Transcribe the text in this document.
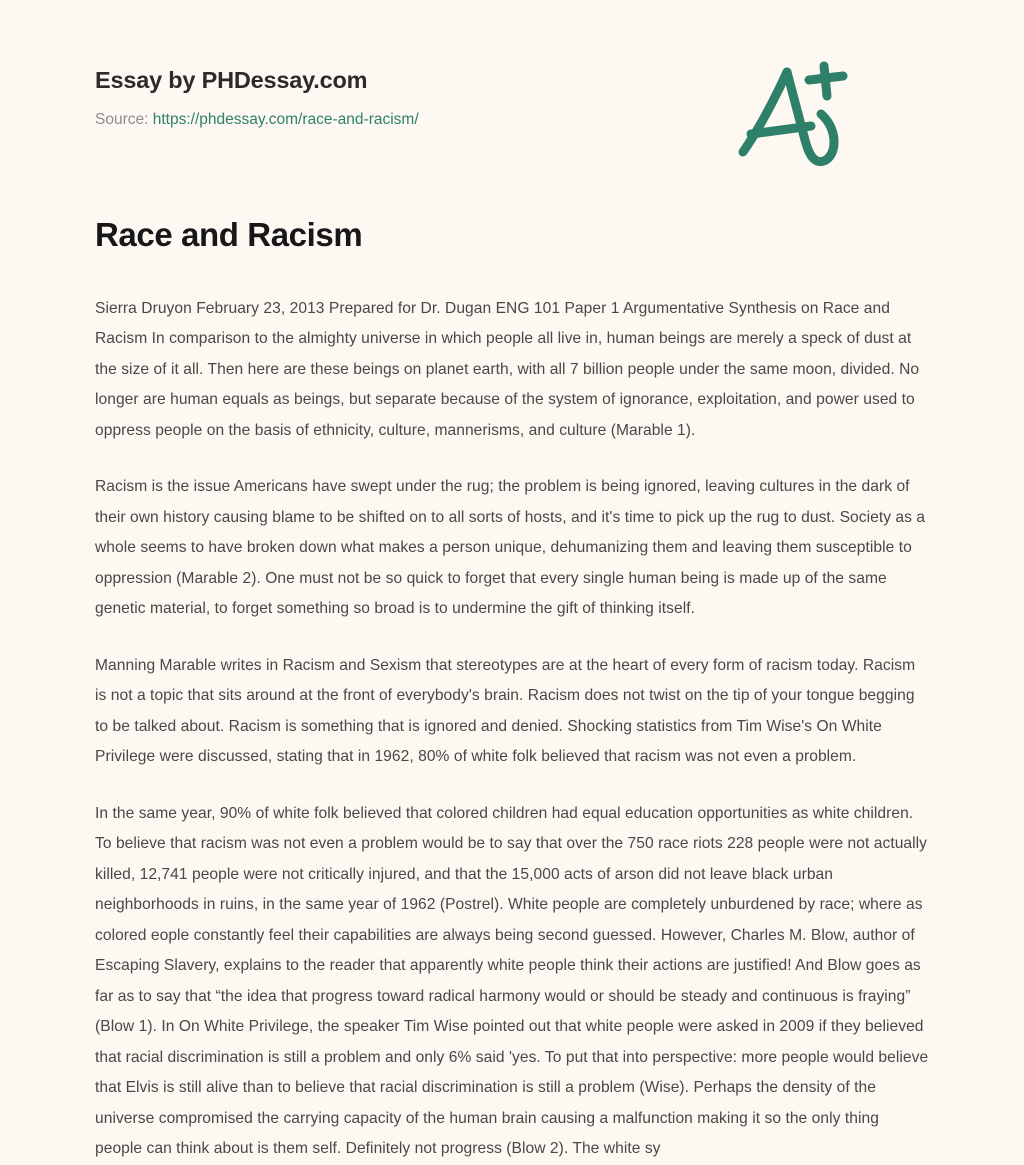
Essay by PHDessay.com
Source: https://phdessay.com/race-and-racism/
Race and Racism

Sierra Druyon February 23, 2013 Prepared for Dr. Dugan ENG 101 Paper 1 Argumentative Synthesis on Race and Racism In comparison to the almighty universe in which people all live in, human beings are merely a speck of dust at the size of it all. Then here are these beings on planet earth, with all 7 billion people under the same moon, divided. No longer are human equals as beings, but separate because of the system of ignorance, exploitation, and power used to oppress people on the basis of ethnicity, culture, mannerisms, and culture (Marable 1).

Racism is the issue Americans have swept under the rug; the problem is being ignored, leaving cultures in the dark of their own history causing blame to be shifted on to all sorts of hosts, and it's time to pick up the rug to dust. Society as a whole seems to have broken down what makes a person unique, dehumanizing them and leaving them susceptible to oppression (Marable 2). One must not be so quick to forget that every single human being is made up of the same genetic material, to forget something so broad is to undermine the gift of thinking itself.

Manning Marable writes in Racism and Sexism that stereotypes are at the heart of every form of racism today. Racism is not a topic that sits around at the front of everybody's brain. Racism does not twist on the tip of your tongue begging to be talked about. Racism is something that is ignored and denied. Shocking statistics from Tim Wise's On White Privilege were discussed, stating that in 1962, 80% of white folk believed that racism was not even a problem.

In the same year, 90% of white folk believed that colored children had equal education opportunities as white children. To believe that racism was not even a problem would be to say that over the 750 race riots 228 people were not actually killed, 12,741 people were not critically injured, and that the 15,000 acts of arson did not leave black urban neighborhoods in ruins, in the same year of 1962 (Postrel). White people are completely unburdened by race; where as colored eople constantly feel their capabilities are always being second guessed. However, Charles M. Blow, author of Escaping Slavery, explains to the reader that apparently white people think their actions are justified! And Blow goes as far as to say that “the idea that progress toward radical harmony would or should be steady and continuous is fraying” (Blow 1). In On White Privilege, the speaker Tim Wise pointed out that white people were asked in 2009 if they believed that racial discrimination is still a problem and only 6% said 'yes. To put that into perspective: more people would believe that Elvis is still alive than to believe that racial discrimination is still a problem (Wise). Perhaps the density of the universe compromised the carrying capacity of the human brain causing a malfunction making it so the only thing people can think about is them self. Definitely not progress (Blow 2). The white sy
